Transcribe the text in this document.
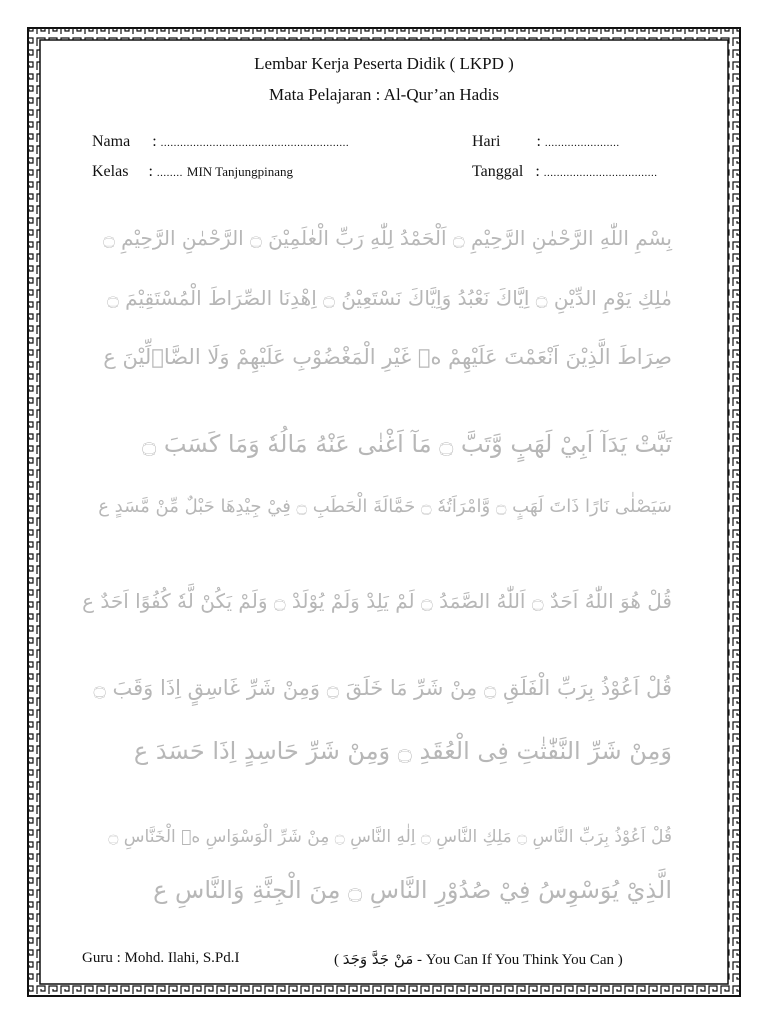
Lembar Kerja Peserta Didik ( LKPD )
Mata Pelajaran : Al-Qur’an Hadis
Nama : ..........................................................	Hari : .......................
Kelas : ........ MIN Tanjungpinang	Tanggal : ...................................
بِسْمِ اللّٰهِ الرَّحْمٰنِ الرَّحِيْمِ ۝ اَلْحَمْدُ لِلّٰهِ رَبِّ الْعٰلَمِيْنَ ۝ الرَّحْمٰنِ الرَّحِيْمِ ۝
مٰلِكِ يَوْمِ الدِّيْنِ ۝ اِيَّاكَ نَعْبُدُ وَاِيَّاكَ نَسْتَعِيْنُ ۝ اِهْدِنَا الصِّرَاطَ الْمُسْتَقِيْمَ ۝
صِرَاطَ الَّذِيْنَ اَنْعَمْتَ عَلَيْهِمْ ەۙ غَيْرِ الْمَغْضُوْبِ عَلَيْهِمْ وَلَا الضَّاۤلِّيْنَ ع
تَبَّتْ يَدَآ اَبِيْ لَهَبٍ وَّتَبَّ ۝ مَآ اَغْنٰى عَنْهُ مَالُهٗ وَمَا كَسَبَ ۝
سَيَصْلٰى نَارًا ذَاتَ لَهَبٍ ۝ وَّامْرَاَتُهٗ ۝ حَمَّالَةَ الْحَطَبِ ۝ فِيْ جِيْدِهَا حَبْلٌ مِّنْ مَّسَدٍ ع
قُلْ هُوَ اللّٰهُ اَحَدٌ ۝ اَللّٰهُ الصَّمَدُ ۝ لَمْ يَلِدْ وَلَمْ يُوْلَدْ ۝ وَلَمْ يَكُنْ لَّهٗ كُفُوًا اَحَدٌ ع
قُلْ اَعُوْذُ بِرَبِّ الْفَلَقِ ۝ مِنْ شَرِّ مَا خَلَقَ ۝ وَمِنْ شَرِّ غَاسِقٍ اِذَا وَقَبَ ۝
وَمِنْ شَرِّ النَّفّٰثٰتِ فِى الْعُقَدِ ۝ وَمِنْ شَرِّ حَاسِدٍ اِذَا حَسَدَ ع
قُلْ اَعُوْذُ بِرَبِّ النَّاسِ ۝ مَلِكِ النَّاسِ ۝ اِلٰهِ النَّاسِ ۝ مِنْ شَرِّ الْوَسْوَاسِ ەۙ الْخَنَّاسِ ۝
الَّذِيْ يُوَسْوِسُ فِيْ صُدُوْرِ النَّاسِ ۝ مِنَ الْجِنَّةِ وَالنَّاسِ ع
Guru : Mohd. Ilahi, S.Pd.I	( مَنْ جَدَّ وَجَدَ - You Can If You Think You Can )
